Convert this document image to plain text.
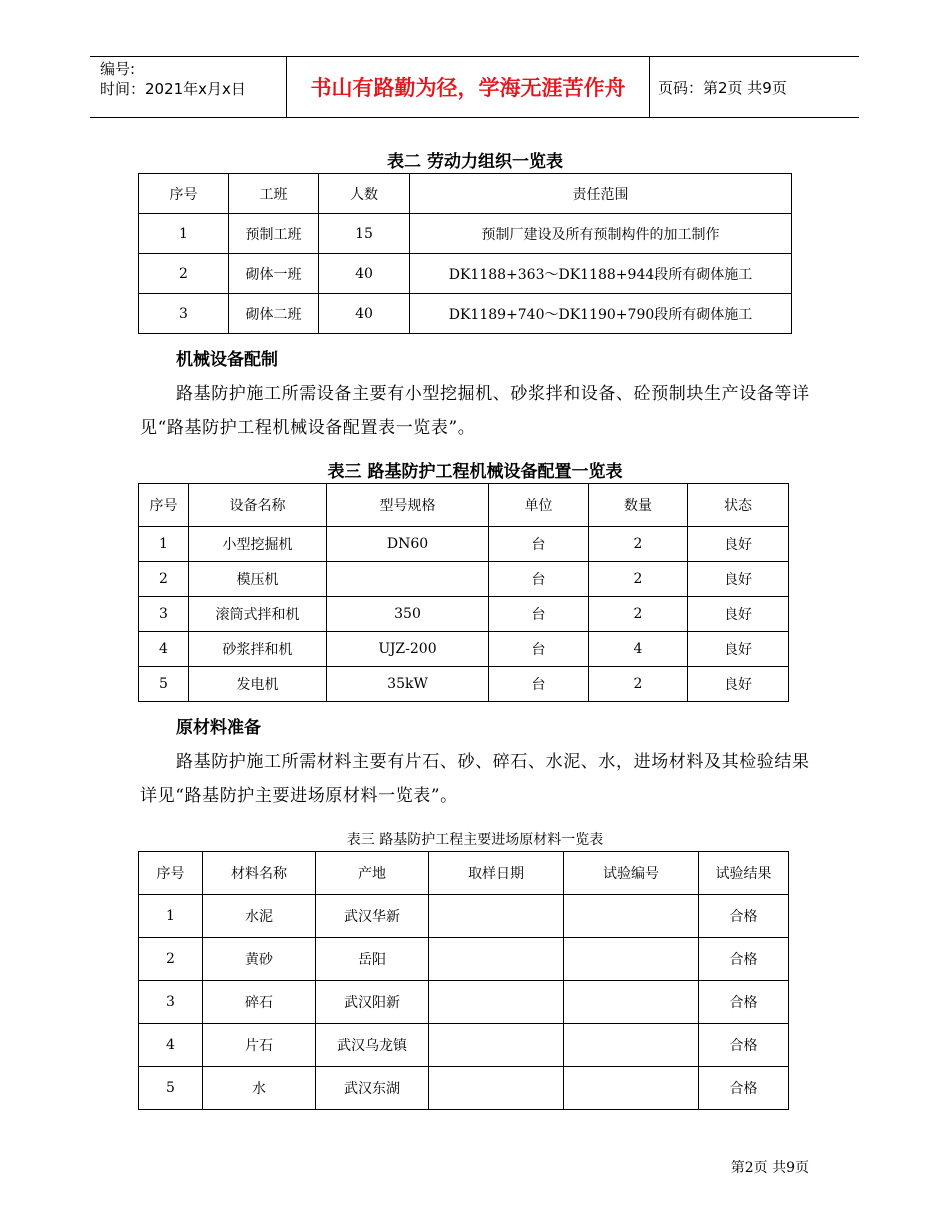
编号:
时间：2021年x月x日	书山有路勤为径，学海无涯苦作舟	页码：第2页 共9页
表二 劳动力组织一览表
序号	工班	人数	责任范围
1	预制工班	15	预制厂建设及所有预制构件的加工制作
2	砌体一班	40	DK1188+363～DK1188+944段所有砌体施工
3	砌体二班	40	DK1189+740～DK1190+790段所有砌体施工
机械设备配制
路基防护施工所需设备主要有小型挖掘机、砂浆拌和设备、砼预制块生产设备等详见“路基防护工程机械设备配置表一览表”。
表三 路基防护工程机械设备配置一览表
序号	设备名称	型号规格	单位	数量	状态
1	小型挖掘机	DN60	台	2	良好
2	模压机		台	2	良好
3	滚筒式拌和机	350	台	2	良好
4	砂浆拌和机	UJZ-200	台	4	良好
5	发电机	35kW	台	2	良好
原材料准备
路基防护施工所需材料主要有片石、砂、碎石、水泥、水，进场材料及其检验结果详见“路基防护主要进场原材料一览表”。
表三 路基防护工程主要进场原材料一览表
序号	材料名称	产地	取样日期	试验编号	试验结果
1	水泥	武汉华新			合格
2	黄砂	岳阳			合格
3	碎石	武汉阳新			合格
4	片石	武汉乌龙镇			合格
5	水	武汉东湖			合格
第2页 共9页
